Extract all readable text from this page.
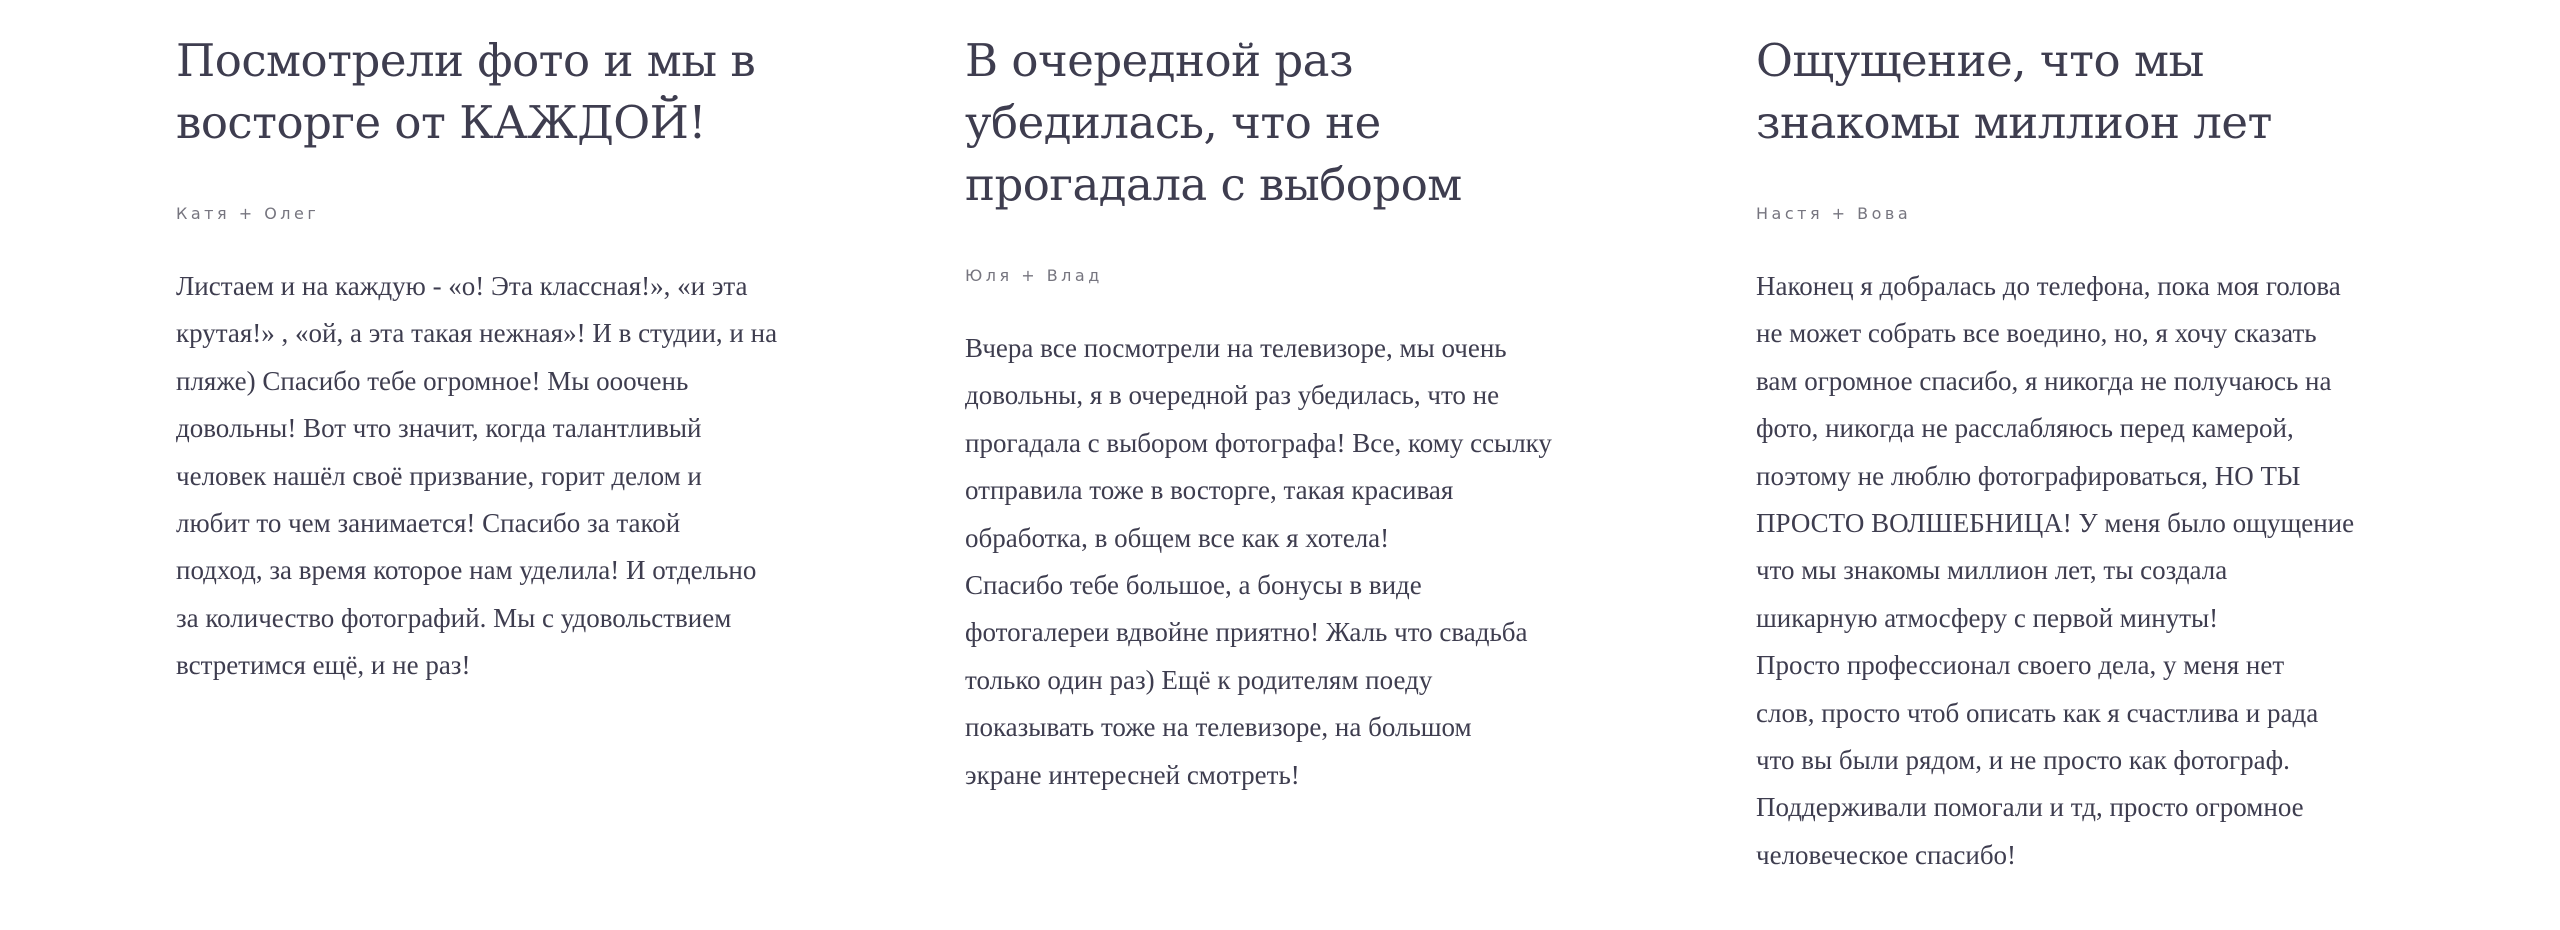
Посмотрели фото и мы в
восторге от КАЖДОЙ!
Катя + Олег
Листаем и на каждую - «о! Эта классная!», «и эта
крутая!» , «ой, а эта такая нежная»! И в студии, и на
пляже) Спасибо тебе огромное! Мы ооочень
довольны! Вот что значит, когда талантливый
человек нашёл своё призвание, горит делом и
любит то чем занимается! Спасибо за такой
подход, за время которое нам уделила! И отдельно
за количество фотографий. Мы с удовольствием
встретимся ещё, и не раз!
В очередной раз
убедилась, что не
прогадала с выбором
Юля + Влад
Вчера все посмотрели на телевизоре, мы очень
довольны, я в очередной раз убедилась, что не
прогадала с выбором фотографа! Все, кому ссылку
отправила тоже в восторге, такая красивая
обработка, в общем все как я хотела!
Спасибо тебе большое, а бонусы в виде
фотогалереи вдвойне приятно! Жаль что свадьба
только один раз) Ещё к родителям поеду
показывать тоже на телевизоре, на большом
экране интересней смотреть!
Ощущение, что мы
знакомы миллион лет
Настя + Вова
Наконец я добралась до телефона, пока моя голова
не может собрать все воедино, но, я хочу сказать
вам огромное спасибо, я никогда не получаюсь на
фото, никогда не расслабляюсь перед камерой,
поэтому не люблю фотографироваться, НО ТЫ
ПРОСТО ВОЛШЕБНИЦА! У меня было ощущение
что мы знакомы миллион лет, ты создала
шикарную атмосферу с первой минуты!
Просто профессионал своего дела, у меня нет
слов, просто чтоб описать как я счастлива и рада
что вы были рядом, и не просто как фотограф.
Поддерживали помогали и тд, просто огромное
человеческое спасибо!
